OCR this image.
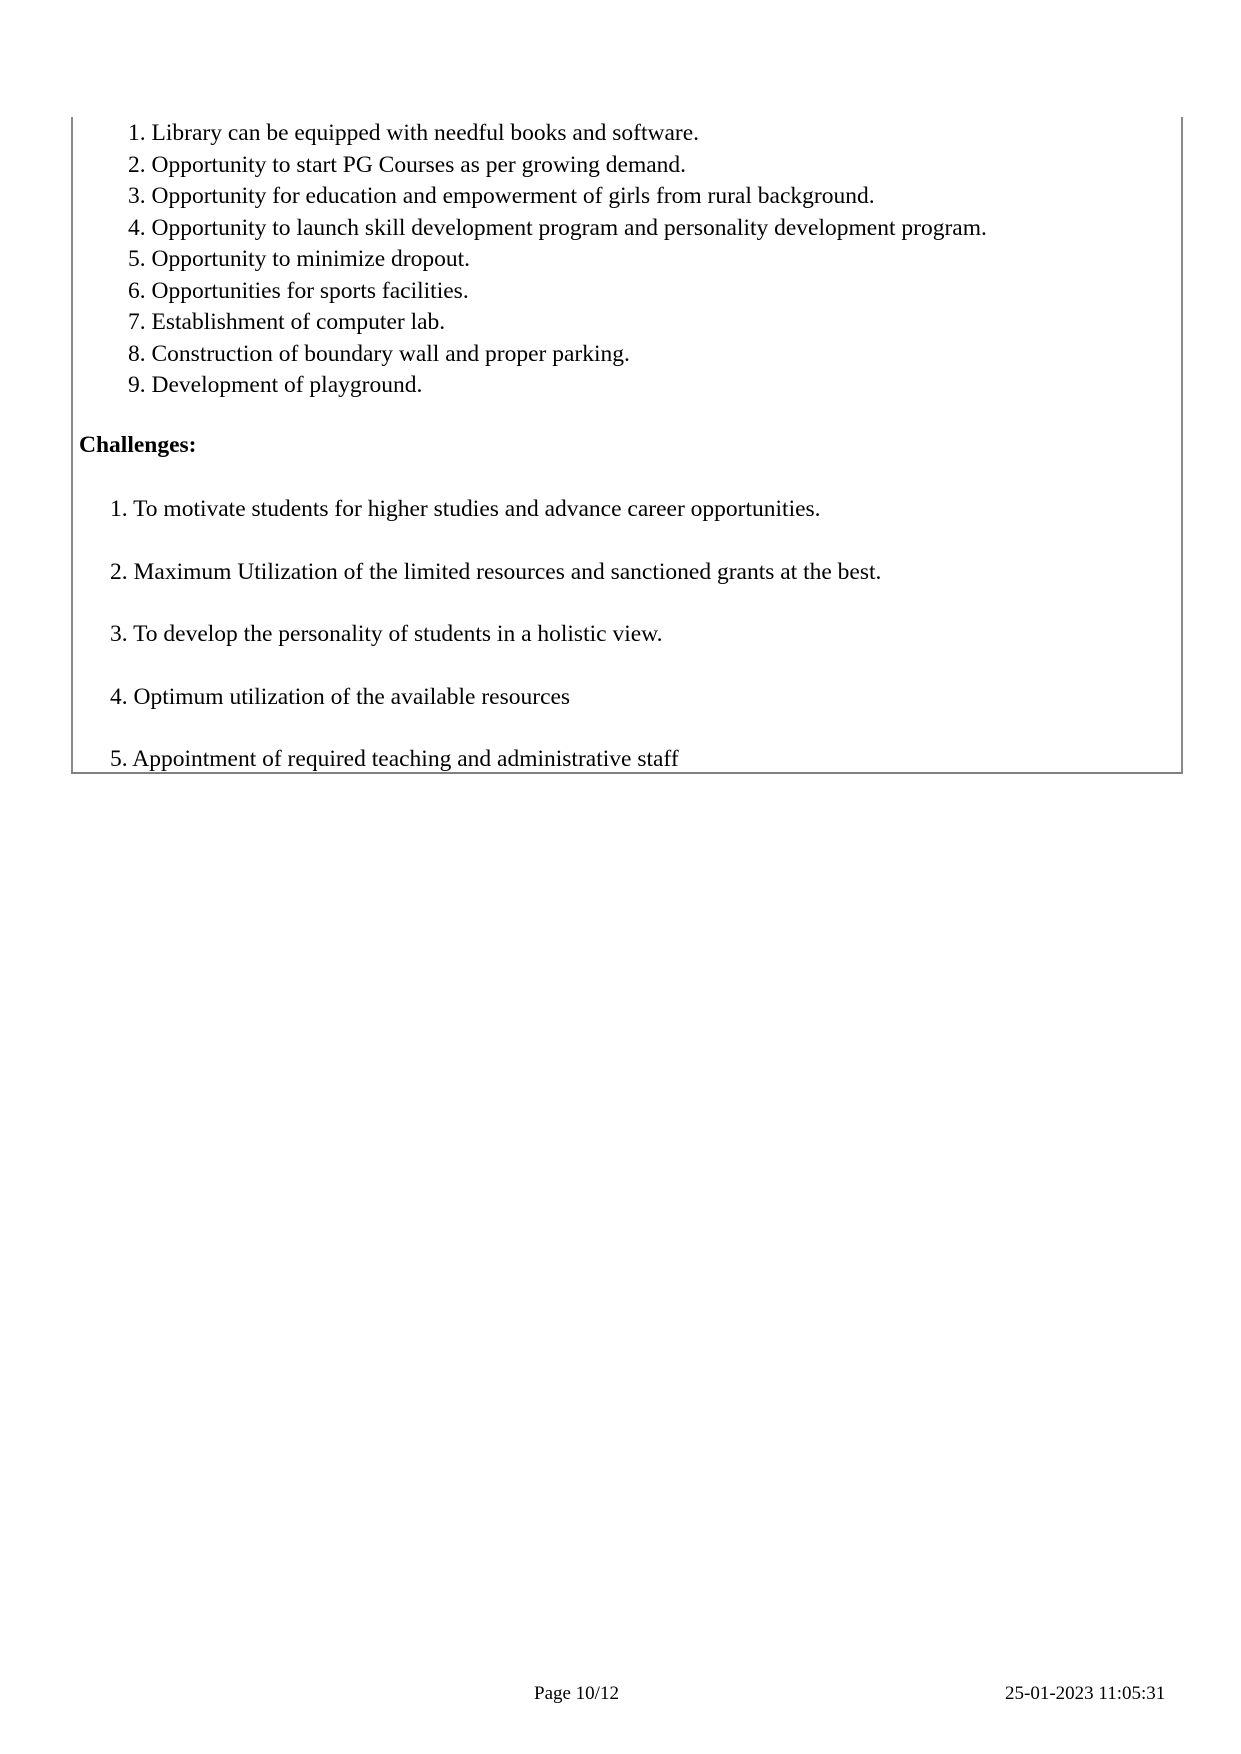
1. Library can be equipped with needful books and software.
2. Opportunity to start PG Courses as per growing demand.
3. Opportunity for education and empowerment of girls from rural background.
4. Opportunity to launch skill development program and personality development program.
5. Opportunity to minimize dropout.
6. Opportunities for sports facilities.
7. Establishment of computer lab.
8. Construction of boundary wall and proper parking.
9. Development of playground.
Challenges:
1. To motivate students for higher studies and advance career opportunities.
2. Maximum Utilization of the limited resources and sanctioned grants at the best.
3. To develop the personality of students in a holistic view.
4. Optimum utilization of the available resources
5. Appointment of required teaching and administrative staff
Page 10/12	25-01-2023 11:05:31
